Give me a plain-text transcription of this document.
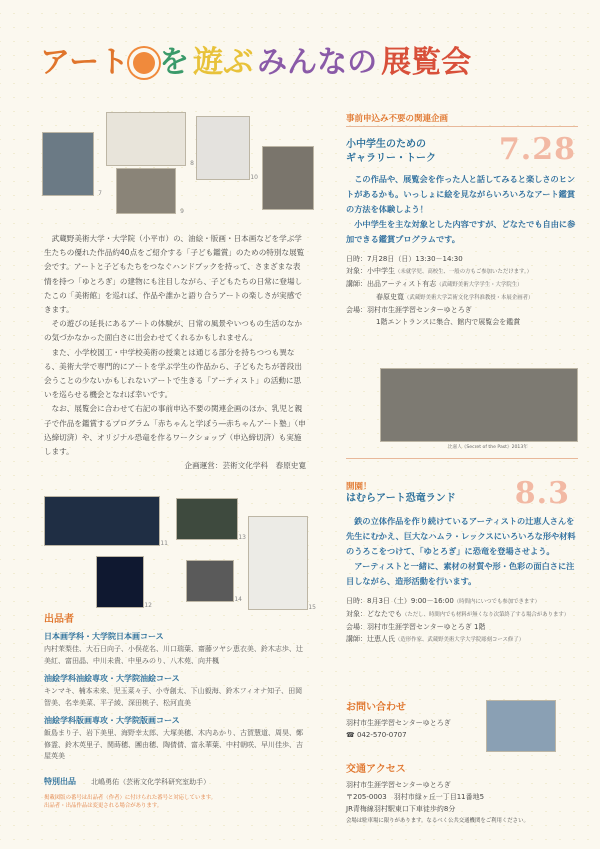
アート を 遊ぶ みんなの 展覧会
7
8
9
10

武蔵野美術大学・大学院（小平市）の、油絵・版画・日本画などを学ぶ学生たちの優れた作品約40点をご紹介する「子ども鑑賞」のための特別な展覧会です。アートと子どもたちをつなぐハンドブックを持って、さまざまな表情を持つ「ゆとろぎ」の建物にも注目しながら、子どもたちの日常に登場したこの「美術館」を巡れば、作品や誰かと語り合うアートの楽しさが実感できます。

その遊びの延長にあるアートの体験が、日常の風景やいつもの生活のなかの気づかなかった面白さに出会わせてくれるかもしれません。

また、小学校図工・中学校美術の授業とは通じる部分を持ちつつも異なる、美術大学で専門的にアートを学ぶ学生の作品から、子どもたちが普段出会うことの少ないかもしれないアートで生きる「アーティスト」の活動に思いを巡らせる機会となれば幸いです。

なお、展覧会に合わせて右記の事前申込不要の関連企画のほか、乳児と親子で作品を鑑賞するプログラム「赤ちゃんと学ぼう―赤ちゃんアート塾」（申込締切済）や、オリジナル恐竜を作るワークショップ（申込締切済）も実施します。

企画運営：芸術文化学科　春原史寛

11
12
13
14
15
出品者
日本画学科・大学院日本画コース

内村茉梨佳、大石日向子、小俣花名、川口瑞葉、齋藤ツヤシ恵衣美、鈴木志歩、辻美紅、富田晶、中川未貴、中里みのり、八木苑、向井楓

油絵学科油絵専攻・大学院油絵コース

キンマキ、楠本未来、児玉菜々子、小寺創太、下山毅海、鈴木フィオナ知子、田岡智美、名幸美菜、平子綾、深田桃子、松河直美

油絵学科版画専攻・大学院版画コース

飯島まり子、岩下美里、海野幸太郎、大塚美穂、木内あかり、古賀慧道、周昊、鄭修霊、鈴木英里子、関蒔穂、團由穂、陶倩倩、富永華葉、中村朝咲、早川佳歩、吉屋英美

特別出品 北嶋勇佑（芸術文化学科研究室助手）
掲載図版の番号は出品者（作者）に付けられた番号と対応しています。
出品者・出品作品は変更される場合があります。
事前申込み不要の関連企画
小中学生のための
ギャラリー・トーク	7.28

この作品や、展覧会を作った人と話してみると楽しさのヒントがあるかも。いっしょに絵を見ながらいろいろなアート鑑賞の方法を体験しよう！

小中学生を主な対象とした内容ですが、どなたでも自由に参加できる鑑賞プログラムです。

日時：7月28日（日）13:30－14:30

対象：小中学生（未就学児、高校生、一般の方もご参加いただけます。）

講師：出品アーティスト有志（武蔵野美術大学学生・大学院生）

春原史寛（武蔵野美術大学芸術文化学科准教授・本展企画者）

会場：羽村市生涯学習センターゆとろぎ

1階エントランスに集合、館内で展覧会を鑑賞

比嘉人《Secret of the Past》2013年
開園！
はむらアート恐竜ランド	8.3

鉄の立体作品を作り続けているアーティストの辻恵人さんを先生にむかえ、巨大なハムラ・レックスにいろいろな形や材料のうろこをつけて、「ゆとろぎ」に恐竜を登場させよう。

アーティストと一緒に、素材の材質や形・色彩の面白さに注目しながら、造形活動を行います。

日時：8月3日（土）9:00－16:00（時間内にいつでも参加できます）

対象：どなたでも（ただし、時間内でも材料が無くなり次第終了する場合があります）

会場：羽村市生涯学習センターゆとろぎ 1階

講師：辻恵人氏（造形作家、武蔵野美術大学大学院彫刻コース修了）

お問い合わせ

羽村市生涯学習センターゆとろぎ

☎ 042-570-0707

交通アクセス

羽村市生涯学習センターゆとろぎ

〒205-0003　羽村市緑ヶ丘一丁目11番地5

JR青梅線羽村駅東口下車徒歩約8分

会場は駐車場に限りがあります。なるべく公共交通機関をご利用ください。
